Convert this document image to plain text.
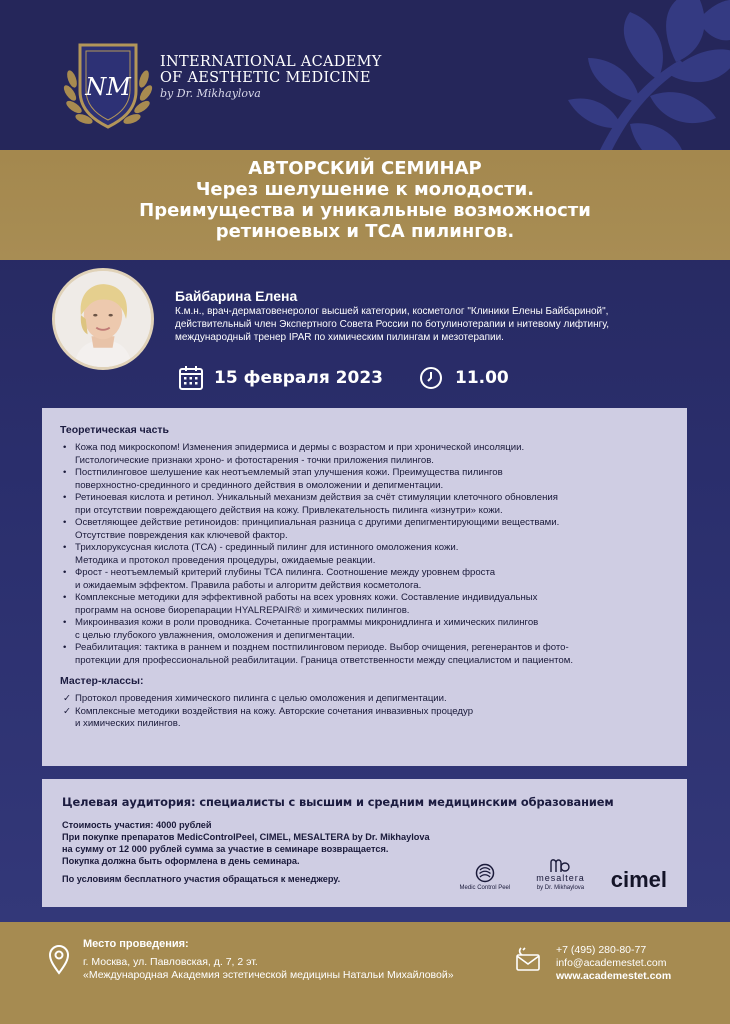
NM
INTERNATIONAL ACADEMY
OF AESTHETIC MEDICINE
by Dr. Mikhaylova
АВТОРСКИЙ СЕМИНАР
Через шелушение к молодости.
Преимущества и уникальные возможности
ретиноевых и ТСА пилингов.
Байбарина Елена
К.м.н., врач-дерматовенеролог высшей категории, косметолог "Клиники Елены Байбариной",
действительный член Экспертного Совета России по ботулинотерапии и нитевому лифтингу,
международный тренер IPAR по химическим пилингам и мезотерапии.
15 февраля 2023	11.00
Теоретическая часть
• Кожа под микроскопом! Изменения эпидермиса и дермы с возрастом и при хронической инсоляции.
Гистологические признаки хроно- и фотостарения - точки приложения пилингов.
• Постпилинговое шелушение как неотъемлемый этап улучшения кожи. Преимущества пилингов
поверхностно-срединного и срединного действия в омоложении и депигментации.
• Ретиноевая кислота и ретинол. Уникальный механизм действия за счёт стимуляции клеточного обновления
при отсутствии повреждающего действия на кожу. Привлекательность пилинга «изнутри» кожи.
• Осветляющее действие ретиноидов: принципиальная разница с другими депигментирующими веществами.
Отсутствие повреждения как ключевой фактор.
• Трихлоруксусная кислота (ТСА) - срединный пилинг для истинного омоложения кожи.
Методика и протокол проведения процедуры, ожидаемые реакции.
• Фрост - неотъемлемый критерий глубины ТСА пилинга. Соотношение между уровнем фроста
и ожидаемым эффектом. Правила работы и алгоритм действия косметолога.
• Комплексные методики для эффективной работы на всех уровнях кожи. Составление индивидуальных
программ на основе биорепарации HYALREPAIR® и химических пилингов.
• Микроинвазия кожи в роли проводника. Сочетанные программы микронидлинга и химических пилингов
с целью глубокого увлажнения, омоложения и депигментации.
• Реабилитация: тактика в раннем и позднем постпилинговом периоде. Выбор очищения, регенерантов и фото-
протекции для профессиональной реабилитации. Граница ответственности между специалистом и пациентом.
Мастер-классы:
✓ Протокол проведения химического пилинга с целью омоложения и депигментации.
✓ Комплексные методики воздействия на кожу. Авторские сочетания инвазивных процедур
и химических пилингов.
Целевая аудитория: специалисты с высшим и средним медицинским образованием
Стоимость участия: 4000 рублей
При покупке препаратов MedicControlPeel, CIMEL, MESALTERA by Dr. Mikhaylova
на сумму от 12 000 рублей сумма за участие в семинаре возвращается.
Покупка должна быть оформлена в день семинара.
По условиям бесплатного участия обращаться к менеджеру.
Medic Control Peel
mesaltera
by Dr. Mikhaylova cimel
Место проведения:
г. Москва, ул. Павловская, д. 7, 2 эт.
«Международная Академия эстетической медицины Натальи Михайловой»
+7 (495) 280-80-77
info@academestet.com
www.academestet.com
